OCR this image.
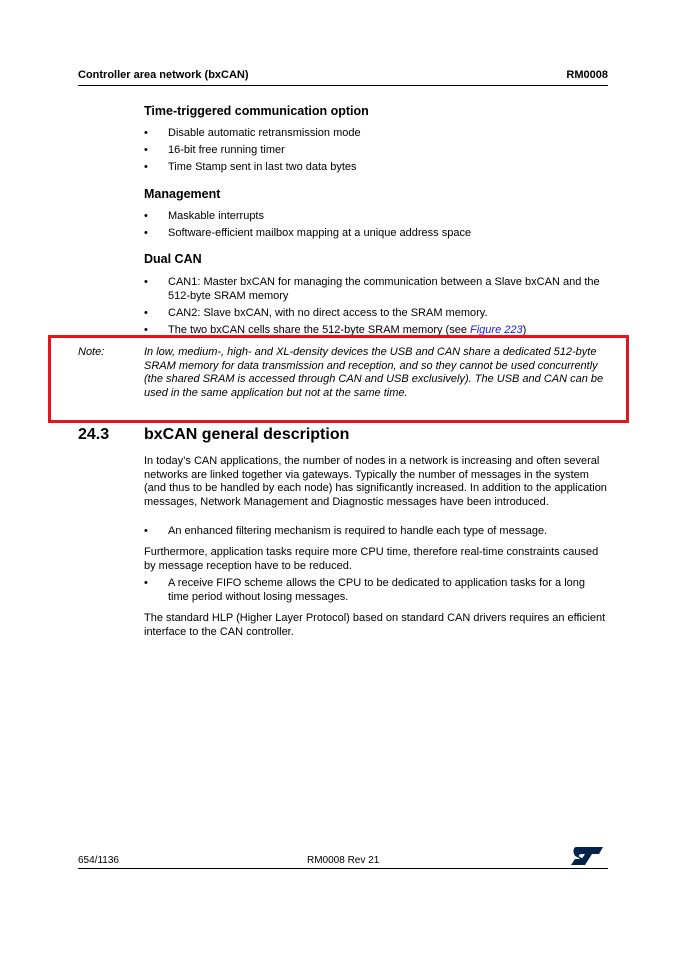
Controller area network (bxCAN)	RM0008
Time-triggered communication option
• Disable automatic retransmission mode
• 16-bit free running timer
• Time Stamp sent in last two data bytes
Management
• Maskable interrupts
• Software-efficient mailbox mapping at a unique address space
Dual CAN
• CAN1: Master bxCAN for managing the communication between a Slave bxCAN and the 512-byte SRAM memory
• CAN2: Slave bxCAN, with no direct access to the SRAM memory.
• The two bxCAN cells share the 512-byte SRAM memory (see Figure 223)
Note:	In low, medium-, high- and XL-density devices the USB and CAN share a dedicated 512-byte SRAM memory for data transmission and reception, and so they cannot be used concurrently (the shared SRAM is accessed through CAN and USB exclusively). The USB and CAN can be used in the same application but not at the same time.
24.3 bxCAN general description

In today’s CAN applications, the number of nodes in a network is increasing and often several networks are linked together via gateways. Typically the number of messages in the system (and thus to be handled by each node) has significantly increased. In addition to the application messages, Network Management and Diagnostic messages have been introduced.

• An enhanced filtering mechanism is required to handle each type of message.

Furthermore, application tasks require more CPU time, therefore real-time constraints caused by message reception have to be reduced.

• A receive FIFO scheme allows the CPU to be dedicated to application tasks for a long time period without losing messages.

The standard HLP (Higher Layer Protocol) based on standard CAN drivers requires an efficient interface to the CAN controller.

654/1136	RM0008 Rev 21
